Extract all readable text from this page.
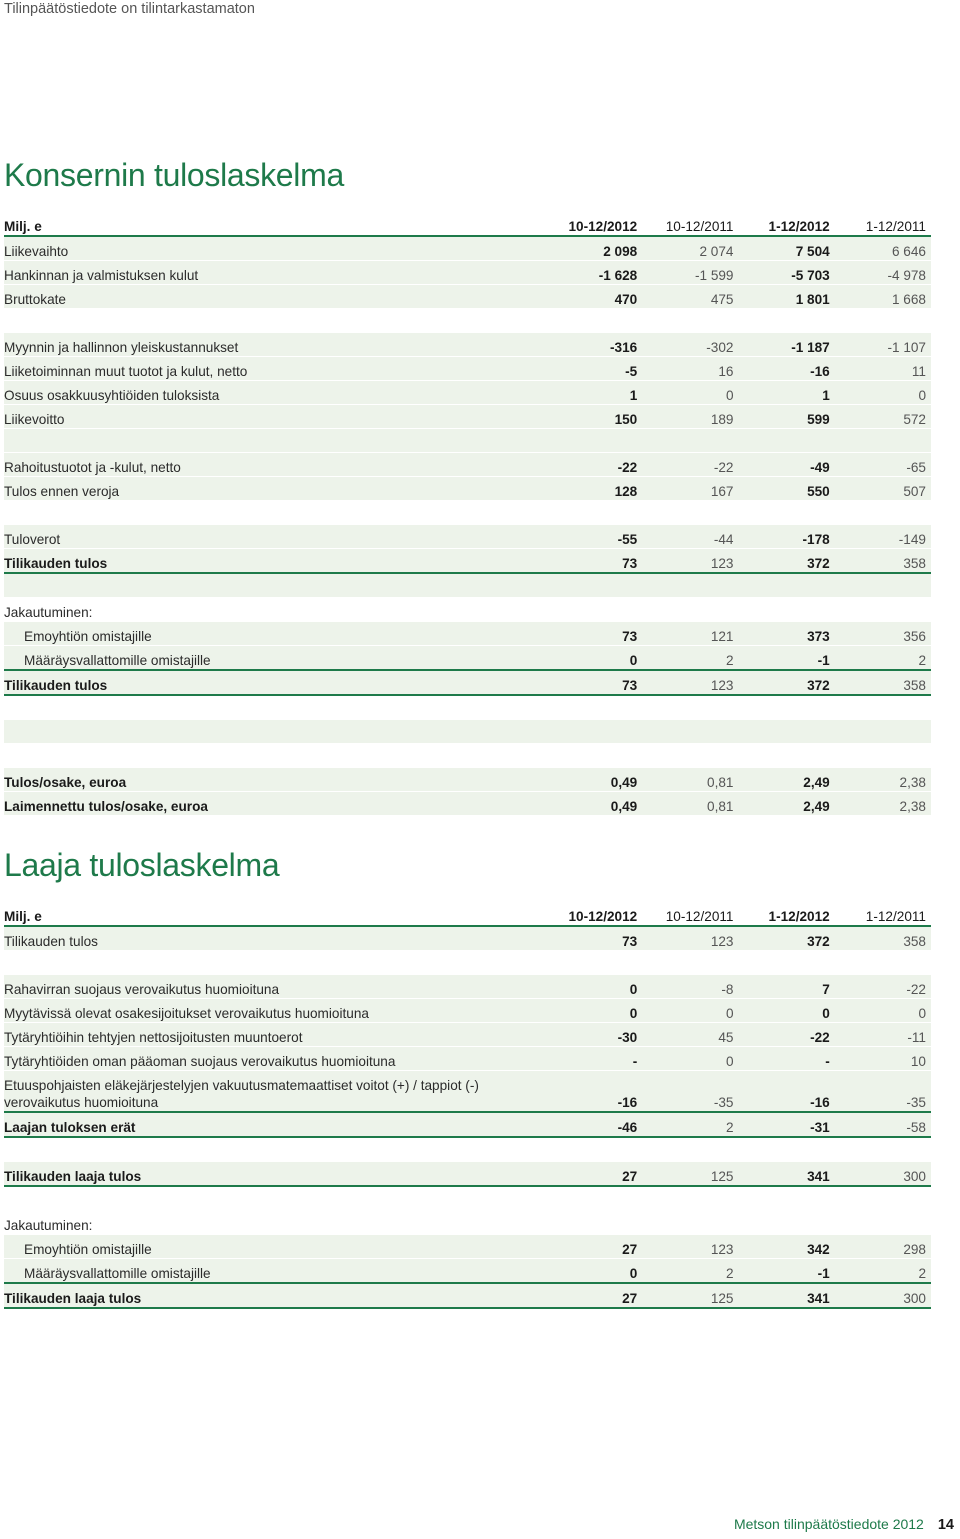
Tilinpäätöstiedote on tilintarkastamaton
Konsernin tuloslaskelma
Milj. e	10-12/2012	10-12/2011	1-12/2012	1-12/2011
Liikevaihto	2 098	2 074	7 504	6 646
Hankinnan ja valmistuksen kulut	-1 628	-1 599	-5 703	-4 978
Bruttokate	470	475	1 801	1 668

Myynnin ja hallinnon yleiskustannukset	-316	-302	-1 187	-1 107
Liiketoiminnan muut tuotot ja kulut, netto	-5	16	-16	11
Osuus osakkuusyhtiöiden tuloksista	1	0	1	0
Liikevoitto	150	189	599	572

Rahoitustuotot ja -kulut, netto	-22	-22	-49	-65
Tulos ennen veroja	128	167	550	507

Tuloverot	-55	-44	-178	-149
Tilikauden tulos	73	123	372	358

Jakautuminen:				
Emoyhtiön omistajille	73	121	373	356
Määräysvallattomille omistajille	0	2	-1	2
Tilikauden tulos	73	123	372	358

Tulos/osake, euroa	0,49	0,81	2,49	2,38
Laimennettu tulos/osake, euroa	0,49	0,81	2,49	2,38
Laaja tuloslaskelma
Milj. e	10-12/2012	10-12/2011	1-12/2012	1-12/2011
Tilikauden tulos	73	123	372	358

Rahavirran suojaus verovaikutus huomioituna	0	-8	7	-22
Myytävissä olevat osakesijoitukset verovaikutus huomioituna	0	0	0	0
Tytäryhtiöihin tehtyjen nettosijoitusten muuntoerot	-30	45	-22	-11
Tytäryhtiöiden oman pääoman suojaus verovaikutus huomioituna	-	0	-	10
Etuuspohjaisten eläkejärjestelyjen vakuutusmatemaattiset voitot (+) / tappiot (-) verovaikutus huomioituna	-16	-35	-16	-35
Laajan tuloksen erät	-46	2	-31	-58

Tilikauden laaja tulos	27	125	341	300

Jakautuminen:				
Emoyhtiön omistajille	27	123	342	298
Määräysvallattomille omistajille	0	2	-1	2
Tilikauden laaja tulos	27	125	341	300
Metson tilinpäätöstiedote 2012 14
